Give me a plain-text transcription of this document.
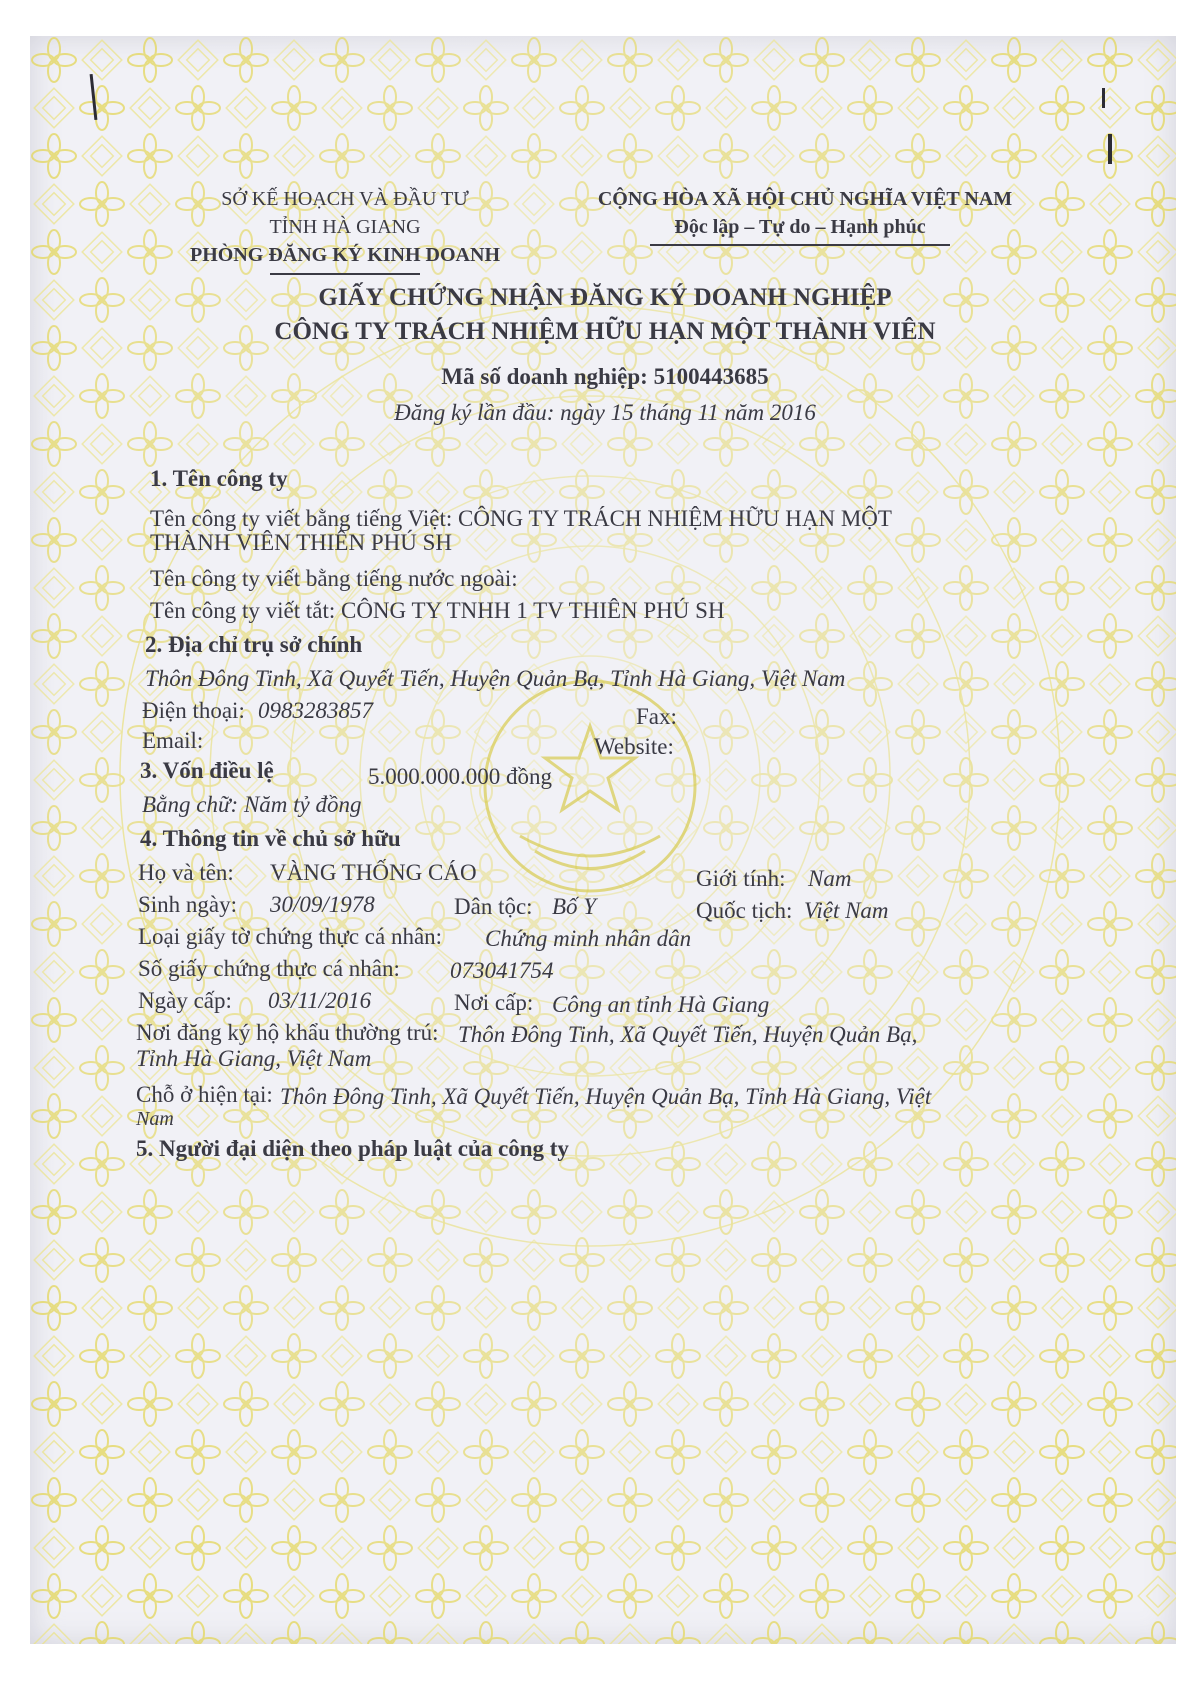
SỞ KẾ HOẠCH VÀ ĐẦU TƯ
TỈNH HÀ GIANG
PHÒNG ĐĂNG KÝ KINH DOANH
CỘNG HÒA XÃ HỘI CHỦ NGHĨA VIỆT NAM
Độc lập – Tự do – Hạnh phúc
GIẤY CHỨNG NHẬN ĐĂNG KÝ DOANH NGHIỆP
CÔNG TY TRÁCH NHIỆM HỮU HẠN MỘT THÀNH VIÊN
Mã số doanh nghiệp: 5100443685
Đăng ký lần đầu: ngày 15 tháng 11 năm 2016
1. Tên công ty
Tên công ty viết bằng tiếng Việt: CÔNG TY TRÁCH NHIỆM HỮU HẠN MỘT
THÀNH VIÊN THIÊN PHÚ SH
Tên công ty viết bằng tiếng nước ngoài:
Tên công ty viết tắt: CÔNG TY TNHH 1 TV THIÊN PHÚ SH
2. Địa chỉ trụ sở chính
Thôn Đông Tinh, Xã Quyết Tiến, Huyện Quản Bạ, Tỉnh Hà Giang, Việt Nam
Điện thoại: 0983283857	Fax:
Email:	Website:
3. Vốn điều lệ	5.000.000.000 đồng
Bằng chữ: Năm tỷ đồng
4. Thông tin về chủ sở hữu
Họ và tên: VÀNG THỐNG CÁO	Giới tính: Nam
Sinh ngày: 30/09/1978	Dân tộc: Bố Y	Quốc tịch: Việt Nam
Loại giấy tờ chứng thực cá nhân: Chứng minh nhân dân
Số giấy chứng thực cá nhân: 073041754
Ngày cấp: 03/11/2016	Nơi cấp: Công an tỉnh Hà Giang
Nơi đăng ký hộ khẩu thường trú: Thôn Đông Tinh, Xã Quyết Tiến, Huyện Quản Bạ,
Tỉnh Hà Giang, Việt Nam
Chỗ ở hiện tại: Thôn Đông Tinh, Xã Quyết Tiến, Huyện Quản Bạ, Tỉnh Hà Giang, Việt
Nam
5. Người đại diện theo pháp luật của công ty
